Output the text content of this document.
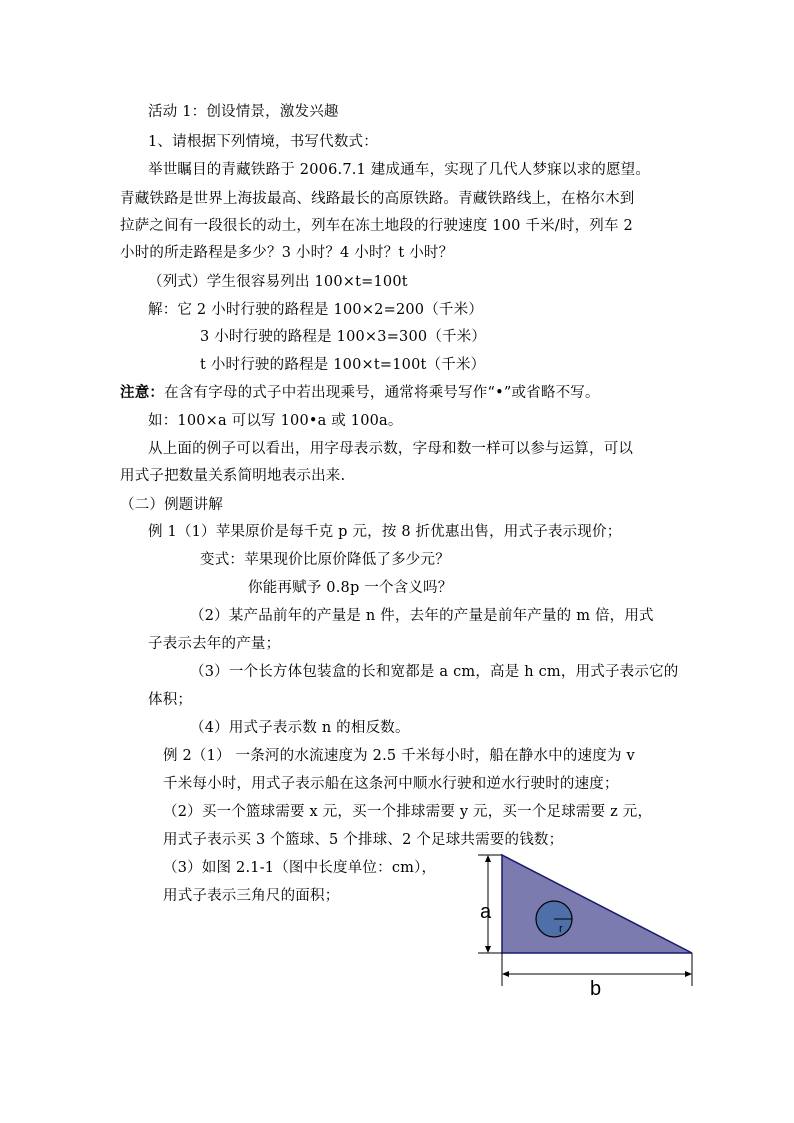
活动 1：创设情景，激发兴趣
1、请根据下列情境，书写代数式：
举世瞩目的青藏铁路于 2006.7.1 建成通车，实现了几代人梦寐以求的愿望。
青藏铁路是世界上海拔最高、线路最长的高原铁路。青藏铁路线上，在格尔木到
拉萨之间有一段很长的动土，列车在冻土地段的行驶速度 100 千米/时，列车 2
小时的所走路程是多少？3 小时？4 小时？t 小时？
（列式）学生很容易列出 100×t=100t
解：它 2 小时行驶的路程是 100×2=200（千米）
3 小时行驶的路程是 100×3=300（千米）
t 小时行驶的路程是 100×t=100t（千米）
注意：在含有字母的式子中若出现乘号，通常将乘号写作“•”或省略不写。
如：100×a 可以写 100•a 或 100a。
从上面的例子可以看出，用字母表示数，字母和数一样可以参与运算，可以
用式子把数量关系简明地表示出来.
（二）例题讲解
例 1（1）苹果原价是每千克 p 元，按 8 折优惠出售，用式子表示现价；
变式：苹果现价比原价降低了多少元？
你能再赋予 0.8p 一个含义吗？
（2）某产品前年的产量是 n 件，去年的产量是前年产量的 m 倍，用式
子表示去年的产量；
（3）一个长方体包装盒的长和宽都是 a cm，高是 h cm，用式子表示它的
体积；
（4）用式子表示数 n 的相反数。
例 2（1） 一条河的水流速度为 2.5 千米每小时，船在静水中的速度为 v
千米每小时，用式子表示船在这条河中顺水行驶和逆水行驶时的速度；
（2）买一个篮球需要 x 元，买一个排球需要 y 元，买一个足球需要 z 元，
用式子表示买 3 个篮球、5 个排球、2 个足球共需要的钱数；
（3）如图 2.1-1（图中长度单位：cm），
用式子表示三角尺的面积；
r
a
b
